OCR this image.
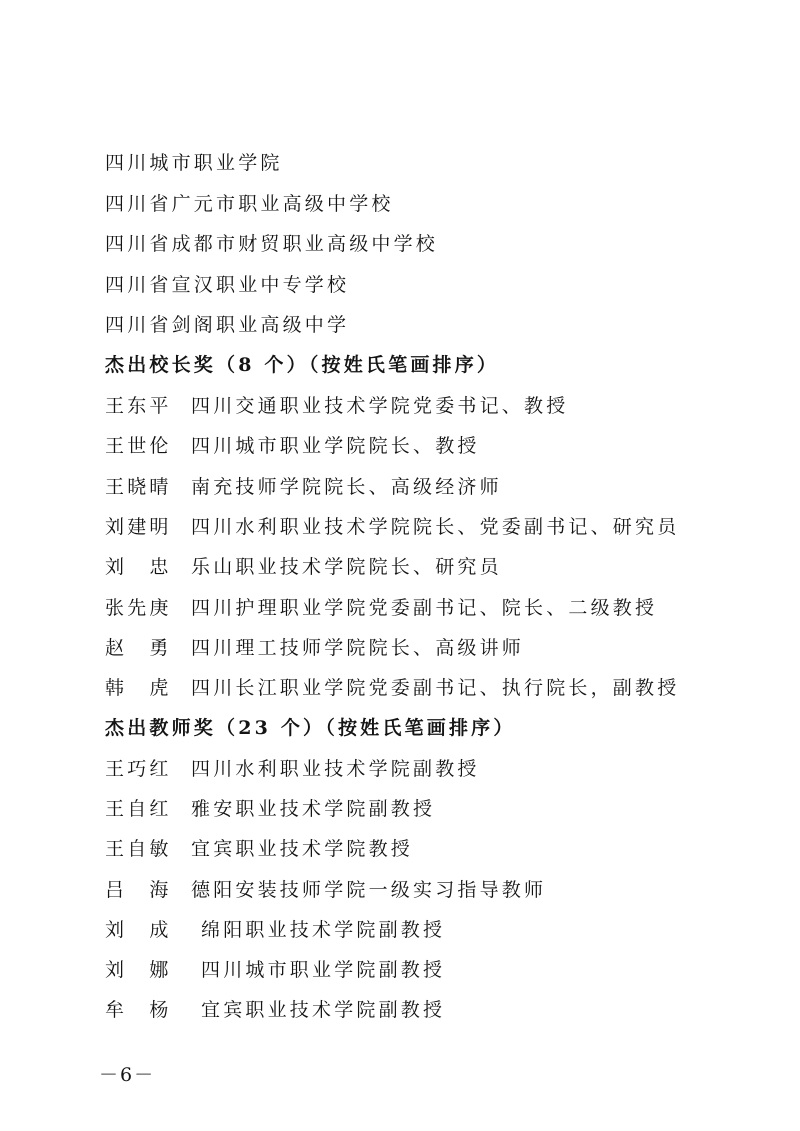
四川城市职业学院
四川省广元市职业高级中学校
四川省成都市财贸职业高级中学校
四川省宣汉职业中专学校
四川省剑阁职业高级中学
杰出校长奖（8 个）（按姓氏笔画排序）
王东平 四川交通职业技术学院党委书记、教授
王世伦 四川城市职业学院院长、教授
王晓晴 南充技师学院院长、高级经济师
刘建明 四川水利职业技术学院院长、党委副书记、研究员
刘　忠 乐山职业技术学院院长、研究员
张先庚 四川护理职业学院党委副书记、院长、二级教授
赵　勇 四川理工技师学院院长、高级讲师
韩　虎 四川长江职业学院党委副书记、执行院长，副教授
杰出教师奖（23 个）（按姓氏笔画排序）
王巧红 四川水利职业技术学院副教授
王自红 雅安职业技术学院副教授
王自敏 宜宾职业技术学院教授
吕　海 德阳安装技师学院一级实习指导教师
刘　成 绵阳职业技术学院副教授
刘　娜 四川城市职业学院副教授
牟　杨 宜宾职业技术学院副教授
－6－
